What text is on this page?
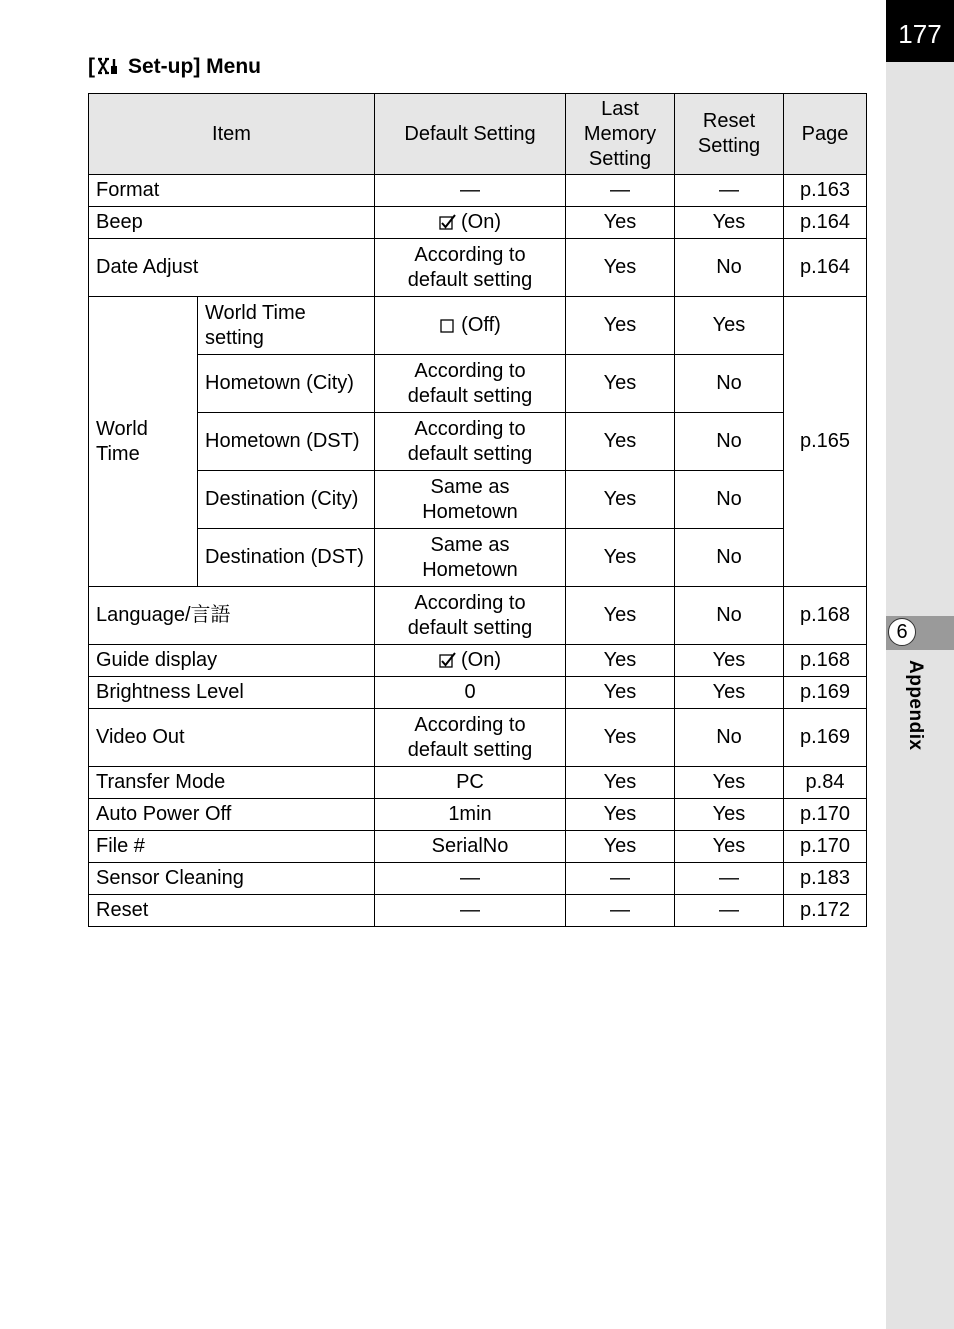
177
6
Appendix
[ Set-up] Menu
Item		Default Setting	Last Memory Setting	Reset Setting	Page
Format		—	—	—	p.163
Beep		(On)	Yes	Yes	p.164
Date Adjust		According to default setting	Yes	No	p.164
World Time	World Time setting	(Off)	Yes	Yes	p.165
	Hometown (City)	According to default setting	Yes	No	
	Hometown (DST)	According to default setting	Yes	No	
	Destination (City)	Same as Hometown	Yes	No	
	Destination (DST)	Same as Hometown	Yes	No	
Language/言語		According to default setting	Yes	No	p.168
Guide display		(On)	Yes	Yes	p.168
Brightness Level		0	Yes	Yes	p.169
Video Out		According to default setting	Yes	No	p.169
Transfer Mode		PC	Yes	Yes	p.84
Auto Power Off		1min	Yes	Yes	p.170
File #		SerialNo	Yes	Yes	p.170
Sensor Cleaning		—	—	—	p.183
Reset		—	—	—	p.172
